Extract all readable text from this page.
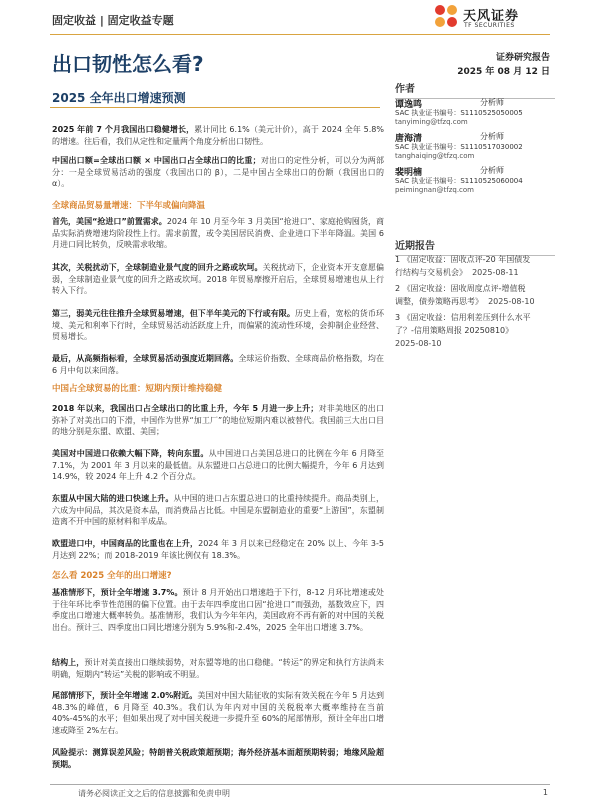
固定收益 | 固定收益专题	天风证券
TF SECURITIES
出口韧性怎么看?
2025 全年出口增速预测
证券研究报告
2025 年 08 月 12 日
作者
谭逸鸣	分析师
SAC 执业证书编号：S1110525050005
tanyiming@tfzq.com
唐海清	分析师
SAC 执业证书编号：S1110517030002
tanghaiqing@tfzq.com
裴明楠	分析师
SAC 执业证书编号：S1110525060004
peimingnan@tfzq.com
近期报告
1 《固定收益：固收点评-20 年国债发
行结构与交易机会》 2025-08-11
2 《固定收益：固收周度点评-增值税
调整，债券策略再思考》 2025-08-10
3 《固定收益：信用利差压到什么水平
了？-信用策略周报 20250810》
2025-08-10
2025 年前 7 个月我国出口稳健增长，累计同比 6.1%（美元计价），高于 2024 全年 5.8%的增速。往后看，我们从定性和定量两个角度分析出口韧性。
中国出口额=全球出口额 × 中国出口占全球出口的比重；对出口的定性分析，可以分为两部分：一是全球贸易活动的强度（我国出口的 β），二是中国占全球出口的份额（我国出口的 α）。
全球商品贸易量增速：下半年或偏向降温
首先，美国“抢进口”前置需求。2024 年 10 月至今年 3 月美国“抢进口”、家庭抢购囤货，商品实际消费增速均阶段性上行。需求前置，或令美国居民消费、企业进口下半年降温。美国 6 月进口同比转负，反映需求收缩。
其次，关税扰动下，全球制造业景气度的回升之路或坎坷。关税扰动下，企业资本开支意愿偏弱，全球制造业景气度的回升之路或坎坷。2018 年贸易摩擦开启后，全球贸易增速也从上行转入下行。
第三，弱美元往往推升全球贸易增速，但下半年美元的下行或有限。历史上看，宽松的货币环境、美元和利率下行时，全球贸易活动活跃度上升，而偏紧的流动性环境，会抑制企业经营、贸易增长。
最后，从高频指标看，全球贸易活动强度近期回落。全球运价指数、全球商品价格指数，均在 6 月中旬以来回落。
中国占全球贸易的比重：短期内预计维持稳健
2018 年以来，我国出口占全球出口的比重上升，今年 5 月进一步上升；对非美地区的出口弥补了对美出口的下滑，中国作为世界“加工厂”的地位短期内难以被替代。我国前三大出口目的地分别是东盟、欧盟、美国；
美国对中国进口依赖大幅下降，转向东盟。从中国进口占美国总进口的比例在今年 6 月降至 7.1%，为 2001 年 3 月以来的最低值。从东盟进口占总进口的比例大幅提升，今年 6 月达到 14.9%，较 2024 年上升 4.2 个百分点。
东盟从中国大陆的进口快速上升。从中国的进口占东盟总进口的比重持续提升。商品类别上，六成为中间品，其次是资本品，而消费品占比低。中国是东盟制造业的重要“上游国”，东盟制造离不开中国的原材料和半成品。
欧盟进口中，中国商品的比重也在上升，2024 年 3 月以来已经稳定在 20% 以上、今年 3-5 月达到 22%；而 2018-2019 年该比例仅有 18.3%。
怎么看 2025 全年的出口增速?
基准情形下，预计全年增速 3.7%。预计 8 月开始出口增速趋于下行，8-12 月环比增速或处于往年环比季节性范围的偏下位置。由于去年四季度出口因“抢进口”而强劲，基数效应下，四季度出口增速大概率转负。基准情形，我们认为今年年内，美国政府不再有新的对中国的关税出台。预计三、四季度出口同比增速分别为 5.9%和-2.4%，2025 全年出口增速 3.7%。
结构上，预计对美直接出口继续弱势，对东盟等地的出口稳健。“转运”的界定和执行方法尚未明确，短期内“转运”关税的影响或不明显。
尾部情形下，预计全年增速 2.0%附近。美国对中国大陆征收的实际有效关税在今年 5 月达到 48.3%的峰值，6 月降至 40.3%。我们认为年内对中国的关税税率大概率维持在当前 40%-45%的水平；但如果出现了对中国关税进一步提升至 60%的尾部情形，预计全年出口增速或降至 2%左右。
风险提示：测算误差风险；特朗普关税政策超预期；海外经济基本面超预期转弱；地缘风险超预期。
请务必阅读正文之后的信息披露和免责申明	1
